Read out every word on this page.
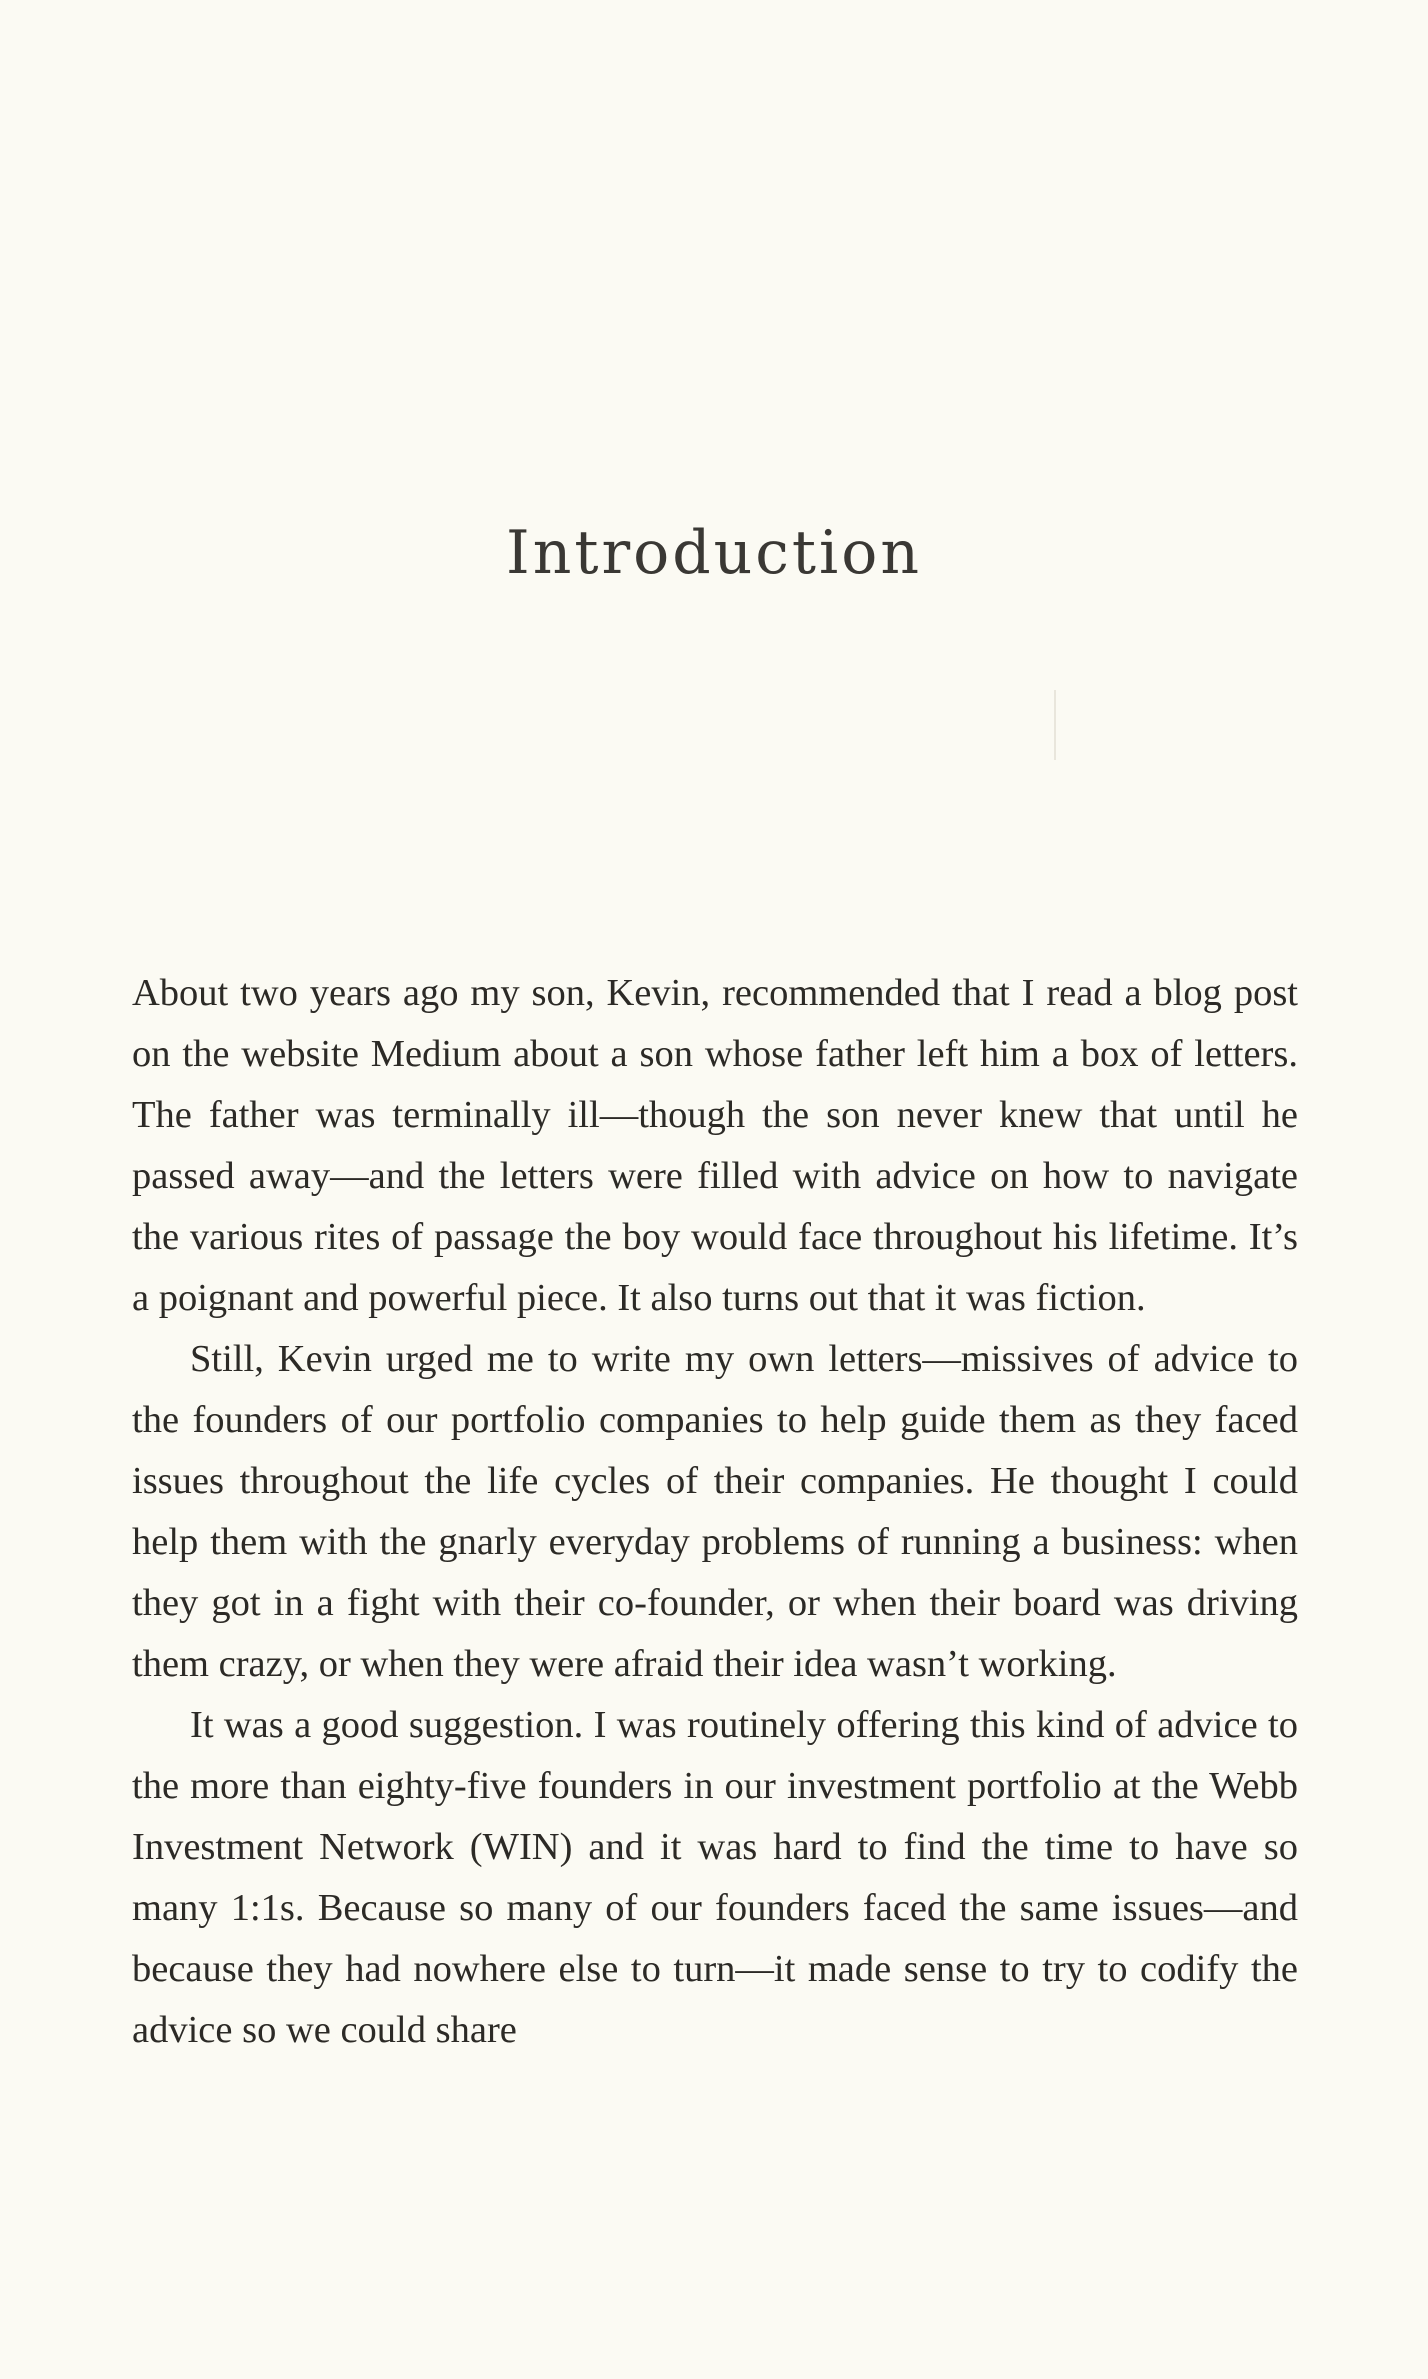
Introduction

About two years ago my son, Kevin, recommended that I read a blog post on the website Medium about a son whose father left him a box of letters. The father was terminally ill—though the son never knew that until he passed away—and the letters were filled with advice on how to navigate the various rites of passage the boy would face throughout his lifetime. It’s a poignant and powerful piece. It also turns out that it was fiction.

Still, Kevin urged me to write my own letters—missives of advice to the founders of our portfolio companies to help guide them as they faced issues throughout the life cycles of their companies. He thought I could help them with the gnarly everyday problems of running a business: when they got in a fight with their co-founder, or when their board was driving them crazy, or when they were afraid their idea wasn’t working.

It was a good suggestion. I was routinely offering this kind of advice to the more than eighty-five founders in our investment portfolio at the Webb Investment Network (WIN) and it was hard to find the time to have so many 1:1s. Because so many of our founders faced the same issues—and because they had nowhere else to turn—it made sense to try to codify the advice so we could share
